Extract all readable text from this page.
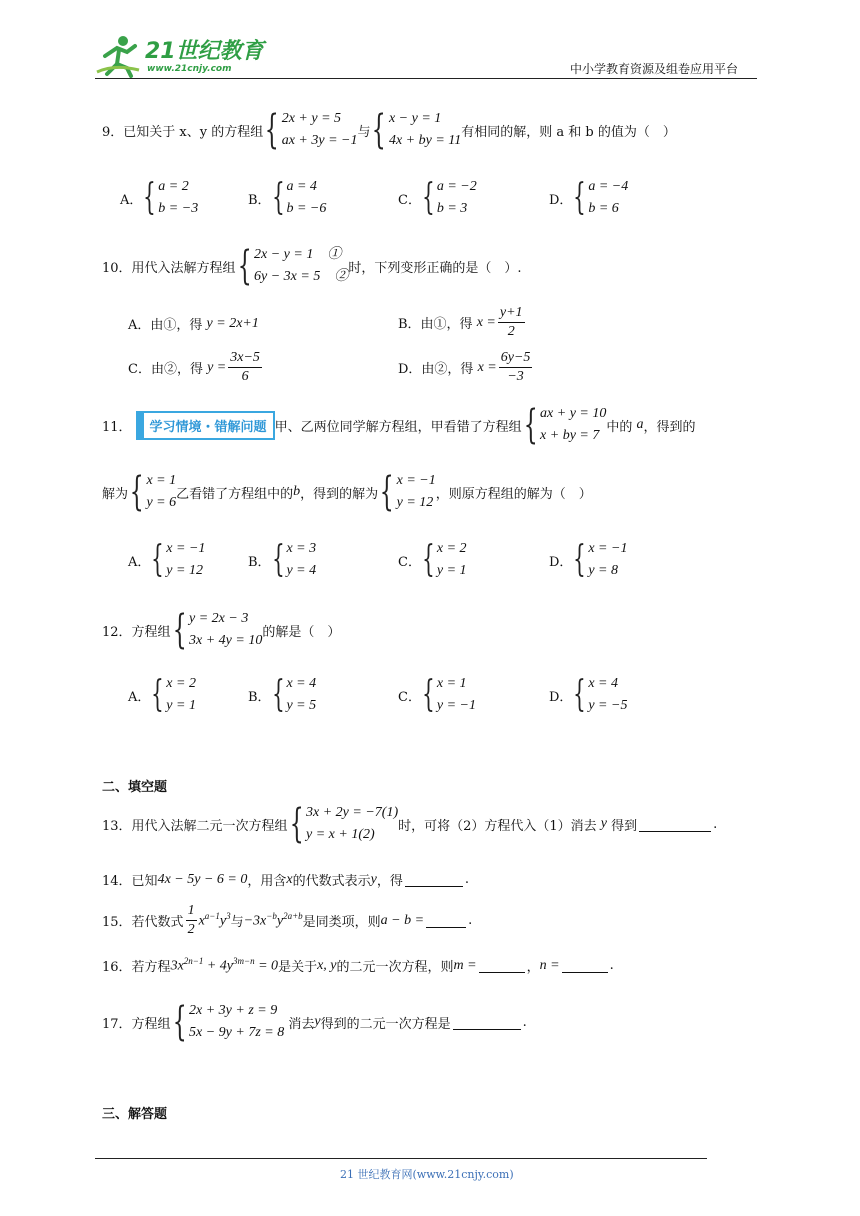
21世纪教育
www.21cnjy.com	中小学教育资源及组卷应用平台
9． 已知关于 x、y 的方程组 { 2x + y = 5
ax + 3y = −1
与 { x − y = 1
4x + by = 11
有相同的解，则 a 和 b 的值为（　）
A． { a = 2
b = −3
B． { a = 4
b = −6
C． { a = −2
b = 3
D． { a = −4
b = 6
10． 用代入法解方程组 { 2x − y = 1　①
6y − 3x = 5　②
时，下列变形正确的是（　）.
A．由①，得
y = 2x+1	B．由①，得
$x = \frac{y+1}{2}$
C．由②，得
$y = \frac{3x-5}{6}$	D．由②，得
$x = \frac{6y-5}{-3}$
11．	学习情境・错解问题 甲、乙两位同学解方程组，甲看错了方程组 { ax + y = 10
x + by = 7
中的
a ，得到的
解为 { x = 1
y = 6
乙看错了方程组中的 b ，得到的解为 { x = −1
y = 12
，则原方程组的解为（　）
A． { x = −1
y = 12
B． { x = 3
y = 4
C． { x = 2
y = 1
D． { x = −1
y = 8
12． 方程组 { y = 2x − 3
3x + 4y = 10
的解是（　）
A． { x = 2
y = 1
B． { x = 4
y = 5
C． { x = 1
y = −1
D． { x = 4
y = −5
二、填空题
13． 用代入法解二元一次方程组 { 3x + 2y = −7(1)
y = x + 1(2)
时，可将（2）方程代入（1）消去
y
得到	.
14． 已知 4x − 5y − 6 = 0 ，用含 x 的代数式表示 y ，得	.
15． 若代数式 $\frac{1}{2} x^{a-1}y^3$ 与 $-3x^{-b}y^{2a+b}$ 是同类项，则 a − b =	.
16． 若方程 $3x^{2n-1} + 4y^{3m-n} = 0$ 是关于 x, y 的二元一次方程，则 m =	， n =	.
17． 方程组 { 2x + 3y + z = 9
5x − 9y + 7z = 8

消去 y 得到的二元一次方程是	.
三、解答题
21 世纪教育网(www.21cnjy.com)
